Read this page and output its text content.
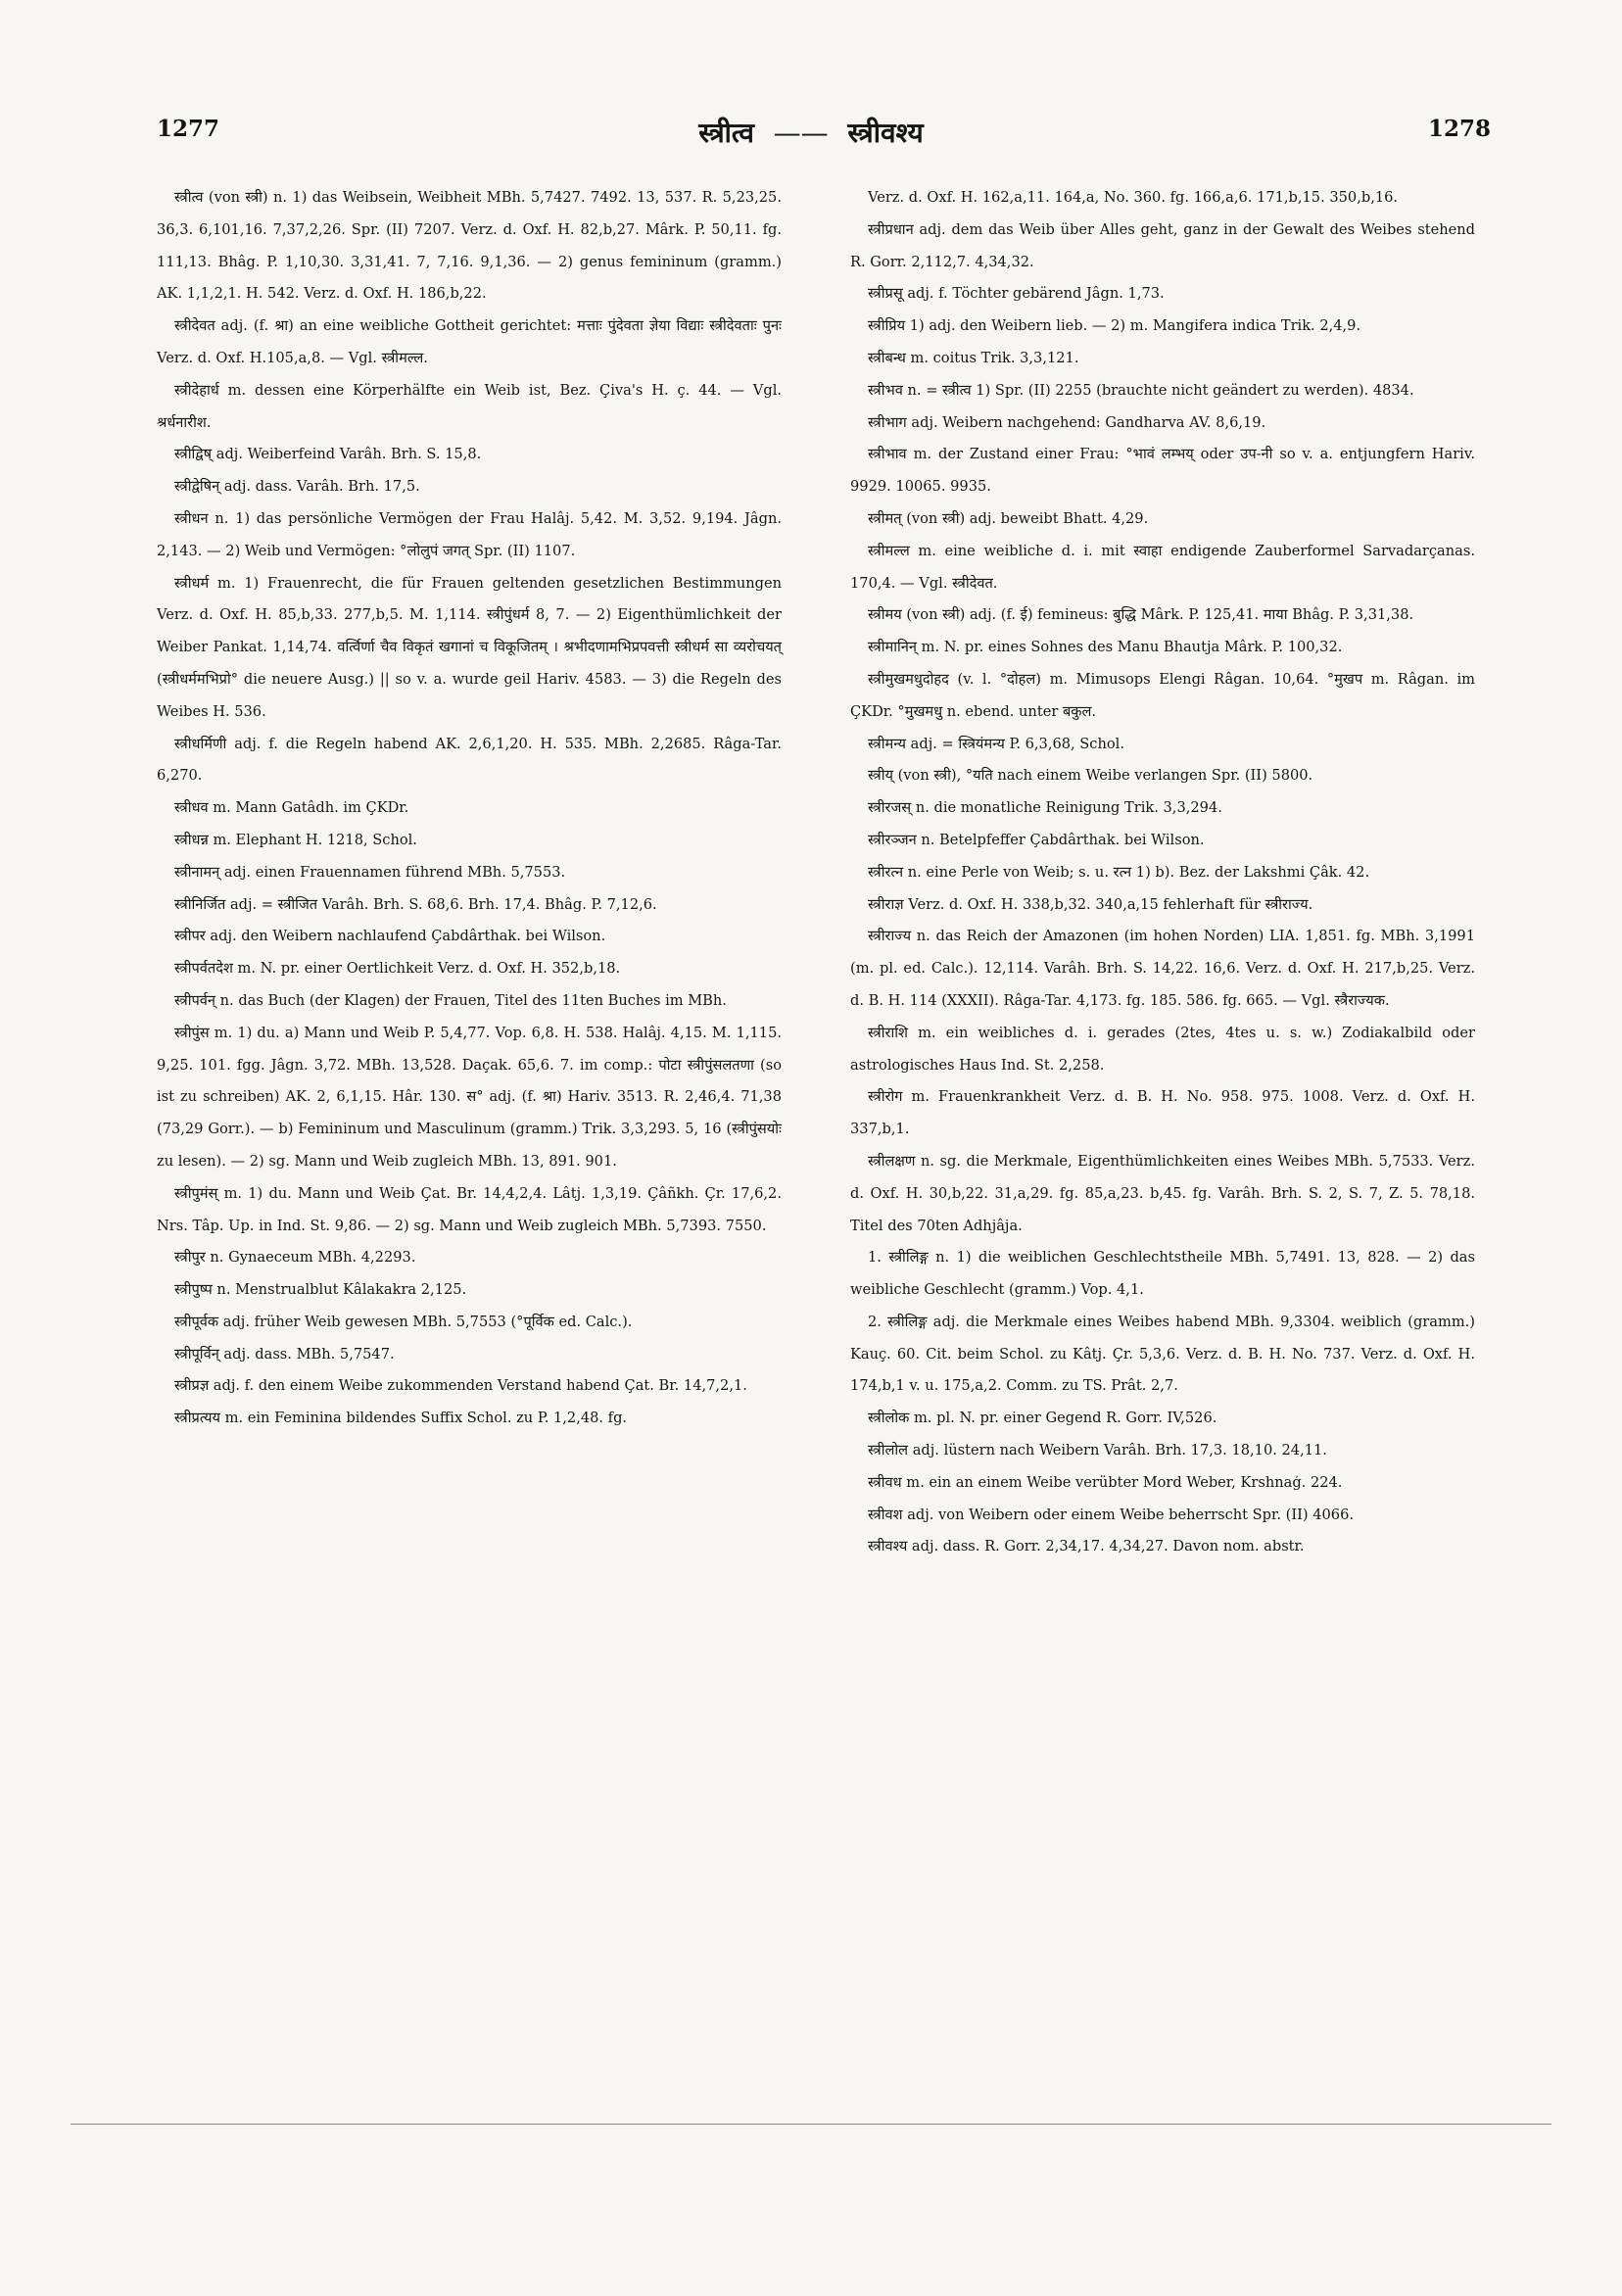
1277	स्त्रीत्व —— स्त्रीवश्य	1278

स्त्रीत्व (von स्त्री) n. 1) das Weibsein, Weibheit MBh. 5,7427. 7492. 13, 537. R. 5,23,25. 36,3. 6,101,16. 7,37,2,26. Spr. (II) 7207. Verz. d. Oxf. H. 82,b,27. Mârk. P. 50,11. fg. 111,13. Bhâg. P. 1,10,30. 3,31,41. 7, 7,16. 9,1,36. — 2) genus femininum (gramm.) AK. 1,1,2,1. H. 542. Verz. d. Oxf. H. 186,b,22.

स्त्रीदेवत adj. (f. श्रा) an eine weibliche Gottheit gerichtet: मत्ताः पुंदेवता ज्ञेया विद्याः स्त्रीदेवताः पुनः Verz. d. Oxf. H.105,a,8. — Vgl. स्त्रीमल्ल.

स्त्रीदेहार्ध m. dessen eine Körperhälfte ein Weib ist, Bez. Çiva's H. ç. 44. — Vgl. श्रर्धनारीश.

स्त्रीद्विष् adj. Weiberfeind Varâh. Brh. S. 15,8.

स्त्रीद्वेषिन् adj. dass. Varâh. Brh. 17,5.

स्त्रीधन n. 1) das persönliche Vermögen der Frau Halâj. 5,42. M. 3,52. 9,194. Jâgn. 2,143. — 2) Weib und Vermögen: °लोलुपं जगत् Spr. (II) 1107.

स्त्रीधर्म m. 1) Frauenrecht, die für Frauen geltenden gesetzlichen Bestimmungen Verz. d. Oxf. H. 85,b,33. 277,b,5. M. 1,114. स्त्रीपुंधर्म 8, 7. — 2) Eigenthümlichkeit der Weiber Pankat. 1,14,74. वर्त्विर्णा चैव विकृतं खगानां च विकूजितम् । श्रभीदणामभिप्रपवत्ती स्त्रीधर्म सा व्यरोचयत् (स्त्रीधर्ममभिप्रो° die neuere Ausg.) || so v. a. wurde geil Hariv. 4583. — 3) die Regeln des Weibes H. 536.

स्त्रीधर्मिणी adj. f. die Regeln habend AK. 2,6,1,20. H. 535. MBh. 2,2685. Râga-Tar. 6,270.

स्त्रीधव m. Mann Gatâdh. im ÇKDr.

स्त्रीधन्न m. Elephant H. 1218, Schol.

स्त्रीनामन् adj. einen Frauennamen führend MBh. 5,7553.

स्त्रीनिर्जित adj. = स्त्रीजित Varâh. Brh. S. 68,6. Brh. 17,4. Bhâg. P. 7,12,6.

स्त्रीपर adj. den Weibern nachlaufend Çabdârthak. bei Wilson.

स्त्रीपर्वतदेश m. N. pr. einer Oertlichkeit Verz. d. Oxf. H. 352,b,18.

स्त्रीपर्वन् n. das Buch (der Klagen) der Frauen, Titel des 11ten Buches im MBh.

स्त्रीपुंस m. 1) du. a) Mann und Weib P. 5,4,77. Vop. 6,8. H. 538. Halâj. 4,15. M. 1,115. 9,25. 101. fgg. Jâgn. 3,72. MBh. 13,528. Daçak. 65,6. 7. im comp.: पोटा स्त्रीपुंसलतणा (so ist zu schreiben) AK. 2, 6,1,15. Hâr. 130. स° adj. (f. श्रा) Hariv. 3513. R. 2,46,4. 71,38 (73,29 Gorr.). — b) Femininum und Masculinum (gramm.) Trik. 3,3,293. 5, 16 (स्त्रीपुंसयोः zu lesen). — 2) sg. Mann und Weib zugleich MBh. 13, 891. 901.

स्त्रीपुमंस् m. 1) du. Mann und Weib Çat. Br. 14,4,2,4. Lâtj. 1,3,19. Çâñkh. Çr. 17,6,2. Nrs. Tâp. Up. in Ind. St. 9,86. — 2) sg. Mann und Weib zugleich MBh. 5,7393. 7550.

स्त्रीपुर n. Gynaeceum MBh. 4,2293.

स्त्रीपुष्प n. Menstrualblut Kâlakakra 2,125.

स्त्रीपूर्वक adj. früher Weib gewesen MBh. 5,7553 (°पूर्विक ed. Calc.).

स्त्रीपूर्विन् adj. dass. MBh. 5,7547.

स्त्रीप्रज्ञ adj. f. den einem Weibe zukommenden Verstand habend Çat. Br. 14,7,2,1.

स्त्रीप्रत्यय m. ein Feminina bildendes Suffix Schol. zu P. 1,2,48. fg.

Verz. d. Oxf. H. 162,a,11. 164,a, No. 360. fg. 166,a,6. 171,b,15. 350,b,16.

स्त्रीप्रधान adj. dem das Weib über Alles geht, ganz in der Gewalt des Weibes stehend R. Gorr. 2,112,7. 4,34,32.

स्त्रीप्रसू adj. f. Töchter gebärend Jâgn. 1,73.

स्त्रीप्रिय 1) adj. den Weibern lieb. — 2) m. Mangifera indica Trik. 2,4,9.

स्त्रीबन्ध m. coitus Trik. 3,3,121.

स्त्रीभव n. = स्त्रीत्व 1) Spr. (II) 2255 (brauchte nicht geändert zu werden). 4834.

स्त्रीभाग adj. Weibern nachgehend: Gandharva AV. 8,6,19.

स्त्रीभाव m. der Zustand einer Frau: °भावं लम्भय् oder उप-नी so v. a. entjungfern Hariv. 9929. 10065. 9935.

स्त्रीमत् (von स्त्री) adj. beweibt Bhatt. 4,29.

स्त्रीमल्ल m. eine weibliche d. i. mit स्वाहा endigende Zauberformel Sarvadarçanas. 170,4. — Vgl. स्त्रीदेवत.

स्त्रीमय (von स्त्री) adj. (f. ई) femineus: बुद्धि Mârk. P. 125,41. माया Bhâg. P. 3,31,38.

स्त्रीमानिन् m. N. pr. eines Sohnes des Manu Bhautja Mârk. P. 100,32.

स्त्रीमुखमधुदोहद (v. l. °दोहल) m. Mimusops Elengi Râgan. 10,64. °मुखप m. Râgan. im ÇKDr. °मुखमधु n. ebend. unter बकुल.

स्त्रीमन्य adj. = स्त्रियंमन्य P. 6,3,68, Schol.

स्त्रीय् (von स्त्री), °यति nach einem Weibe verlangen Spr. (II) 5800.

स्त्रीरजस् n. die monatliche Reinigung Trik. 3,3,294.

स्त्रीरञ्जन n. Betelpfeffer Çabdârthak. bei Wilson.

स्त्रीरत्न n. eine Perle von Weib; s. u. रत्न 1) b). Bez. der Lakshmi Çâk. 42.

स्त्रीराज्ञ Verz. d. Oxf. H. 338,b,32. 340,a,15 fehlerhaft für स्त्रीराज्य.

स्त्रीराज्य n. das Reich der Amazonen (im hohen Norden) LIA. 1,851. fg. MBh. 3,1991 (m. pl. ed. Calc.). 12,114. Varâh. Brh. S. 14,22. 16,6. Verz. d. Oxf. H. 217,b,25. Verz. d. B. H. 114 (XXXII). Râga-Tar. 4,173. fg. 185. 586. fg. 665. — Vgl. स्त्रैराज्यक.

स्त्रीराशि m. ein weibliches d. i. gerades (2tes, 4tes u. s. w.) Zodiakalbild oder astrologisches Haus Ind. St. 2,258.

स्त्रीरोग m. Frauenkrankheit Verz. d. B. H. No. 958. 975. 1008. Verz. d. Oxf. H. 337,b,1.

स्त्रीलक्षण n. sg. die Merkmale, Eigenthümlichkeiten eines Weibes MBh. 5,7533. Verz. d. Oxf. H. 30,b,22. 31,a,29. fg. 85,a,23. b,45. fg. Varâh. Brh. S. 2, S. 7, Z. 5. 78,18. Titel des 70ten Adhjâja.

1. स्त्रीलिङ्ग n. 1) die weiblichen Geschlechtstheile MBh. 5,7491. 13, 828. — 2) das weibliche Geschlecht (gramm.) Vop. 4,1.

2. स्त्रीलिङ्ग adj. die Merkmale eines Weibes habend MBh. 9,3304. weiblich (gramm.) Kauç. 60. Cit. beim Schol. zu Kâtj. Çr. 5,3,6. Verz. d. B. H. No. 737. Verz. d. Oxf. H. 174,b,1 v. u. 175,a,2. Comm. zu TS. Prât. 2,7.

स्त्रीलोक m. pl. N. pr. einer Gegend R. Gorr. IV,526.

स्त्रीलोल adj. lüstern nach Weibern Varâh. Brh. 17,3. 18,10. 24,11.

स्त्रीवध m. ein an einem Weibe verübter Mord Weber, Krshnaģ. 224.

स्त्रीवश adj. von Weibern oder einem Weibe beherrscht Spr. (II) 4066.

स्त्रीवश्य adj. dass. R. Gorr. 2,34,17. 4,34,27. Davon nom. abstr.
